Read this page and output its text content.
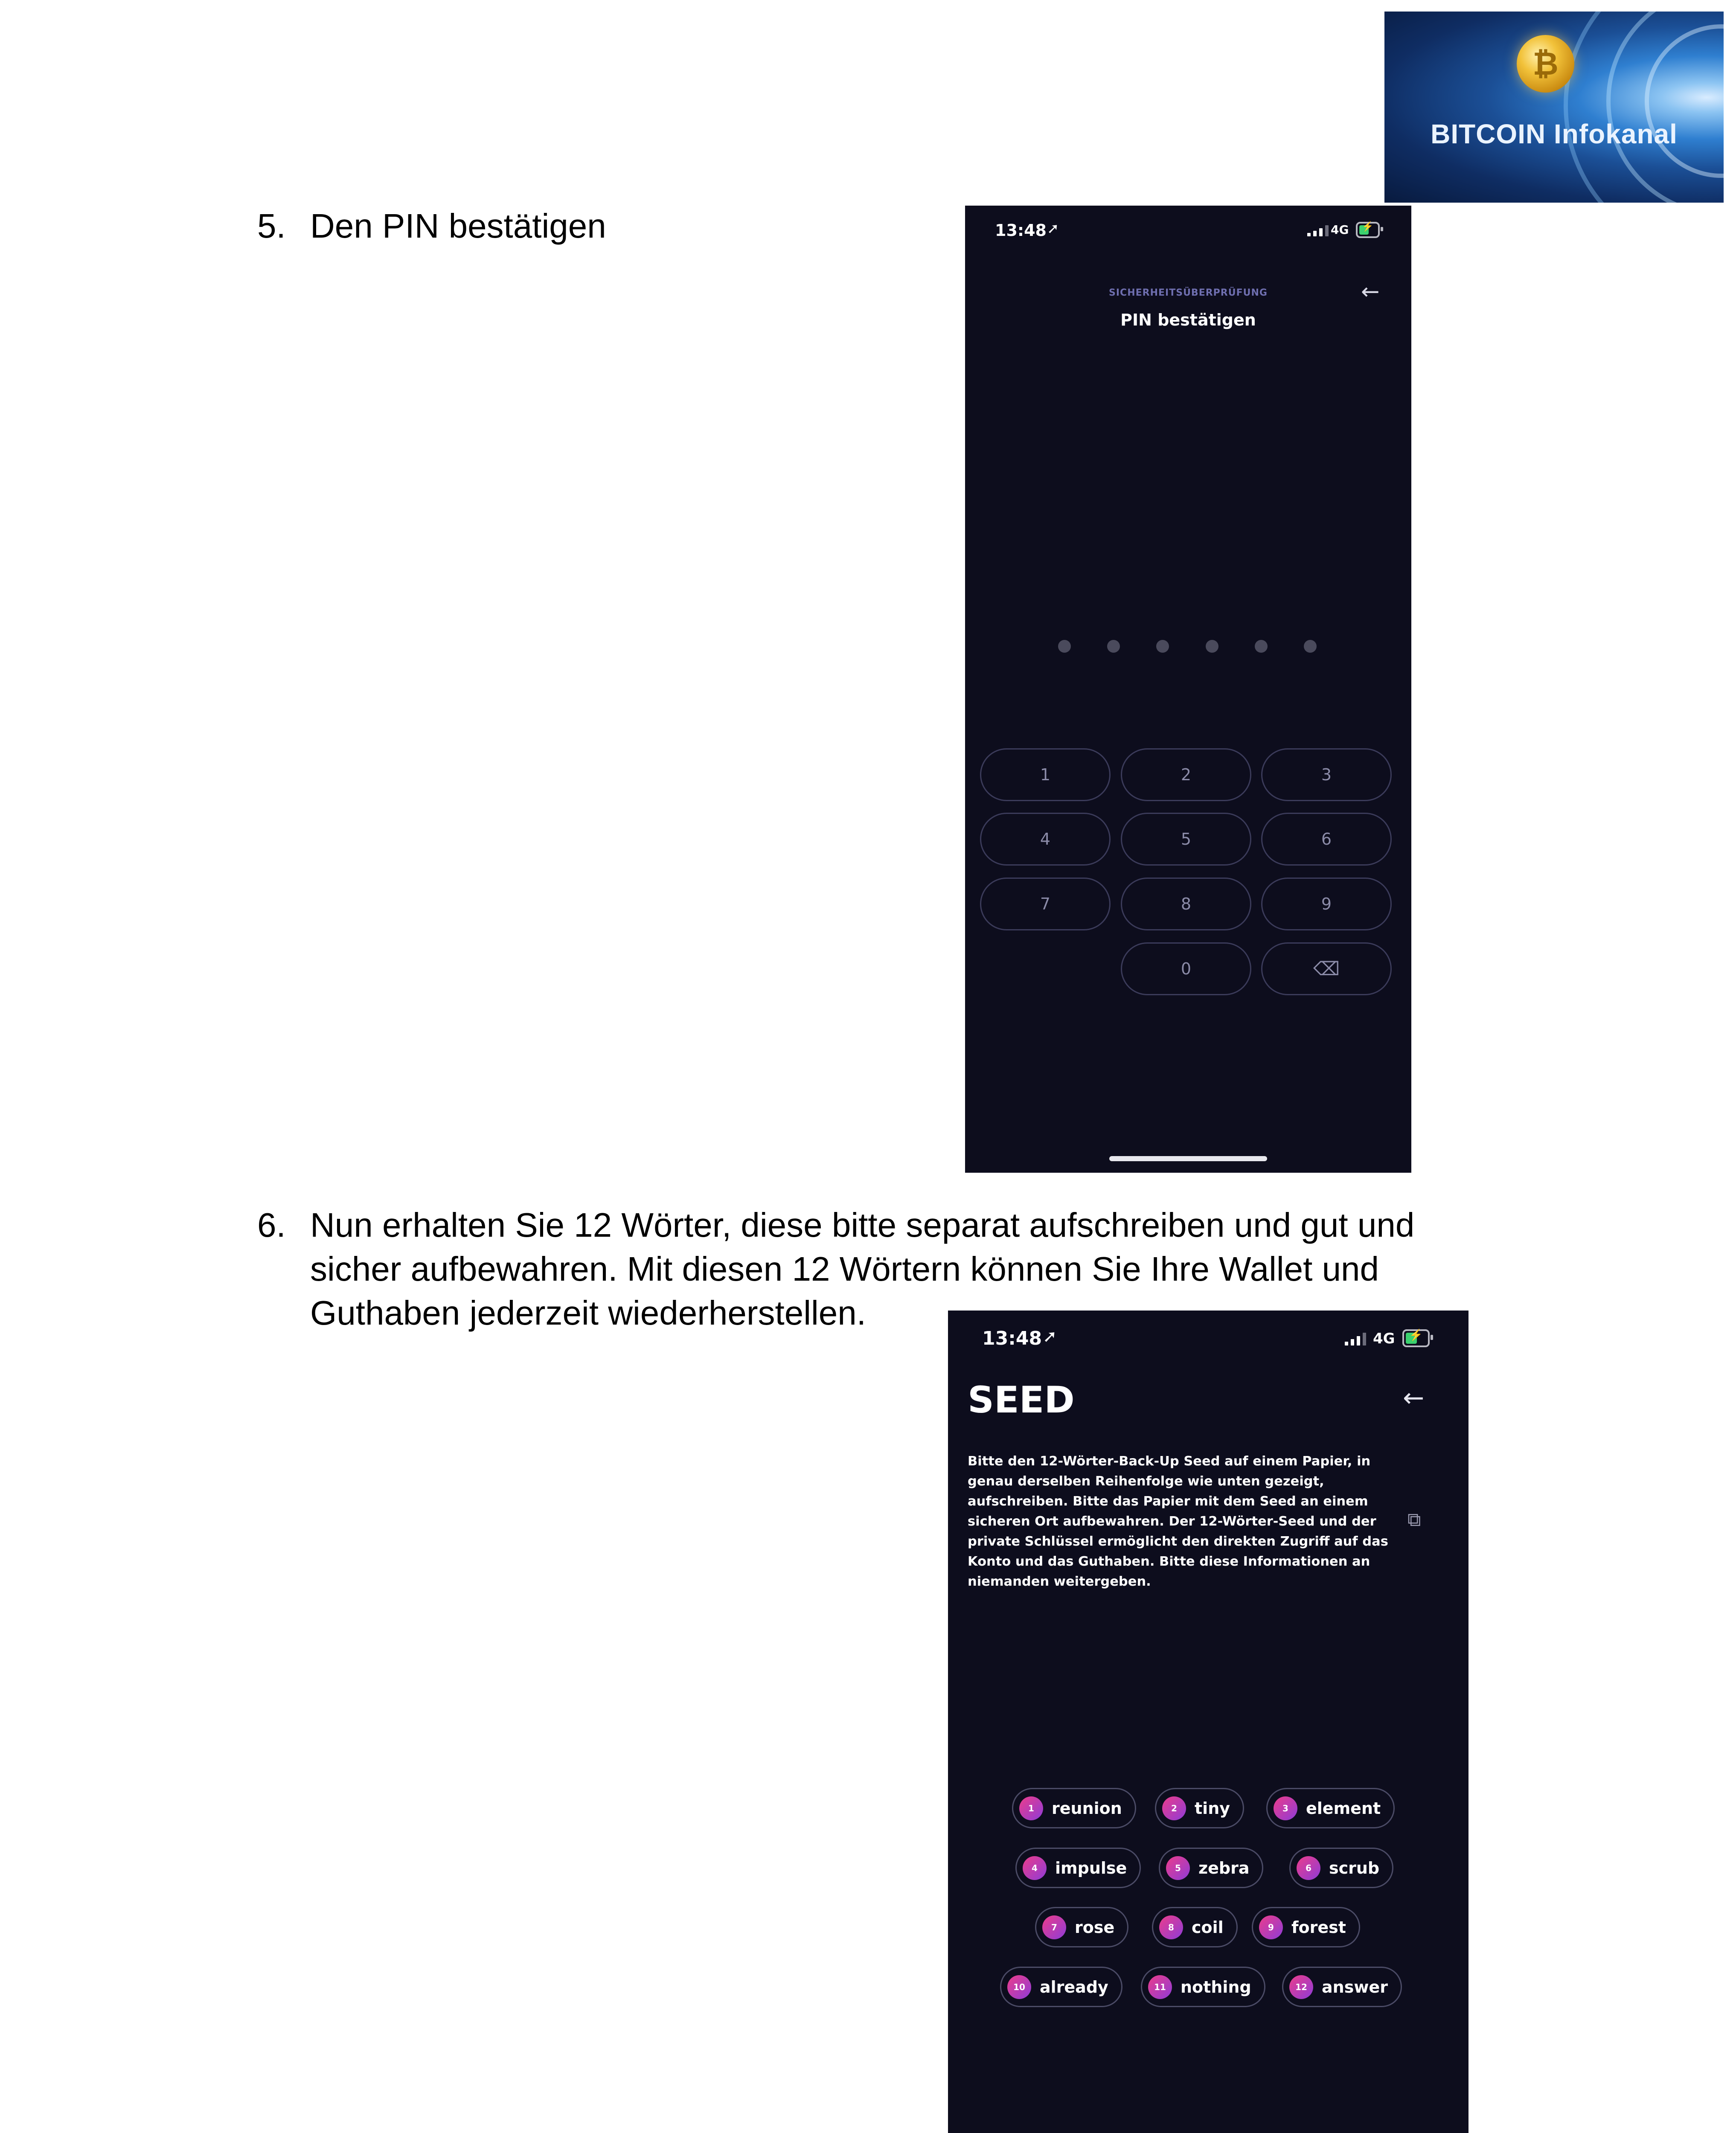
₿
BITCOIN Infokanal
5. Den PIN bestätigen	13:48 ➚	4G	⚡
SICHERHEITSÜBERPRÜFUNG
PIN bestätigen
←
1	2	3
4	5	6
7	8	9
0	⌫
6. Nun erhalten Sie 12 Wörter, diese bitte separat aufschreiben und gut und
sicher aufbewahren. Mit diesen 12 Wörtern können Sie Ihre Wallet und
Guthaben jederzeit wiederherstellen.
13:48 ➚	4G	⚡
SEED	←
Bitte den 12-Wörter-Back-Up Seed auf einem Papier, in
genau derselben Reihenfolge wie unten gezeigt,
aufschreiben. Bitte das Papier mit dem Seed an einem
sicheren Ort aufbewahren. Der 12-Wörter-Seed und der
private Schlüssel ermöglicht den direkten Zugriff auf das
Konto und das Guthaben. Bitte diese Informationen an
niemanden weitergeben.
⧉
1	reunion	2	tiny	3	element
4	impulse	5	zebra	6	scrub
7	rose	8	coil	9	forest
10 already	11 nothing	12 answer
